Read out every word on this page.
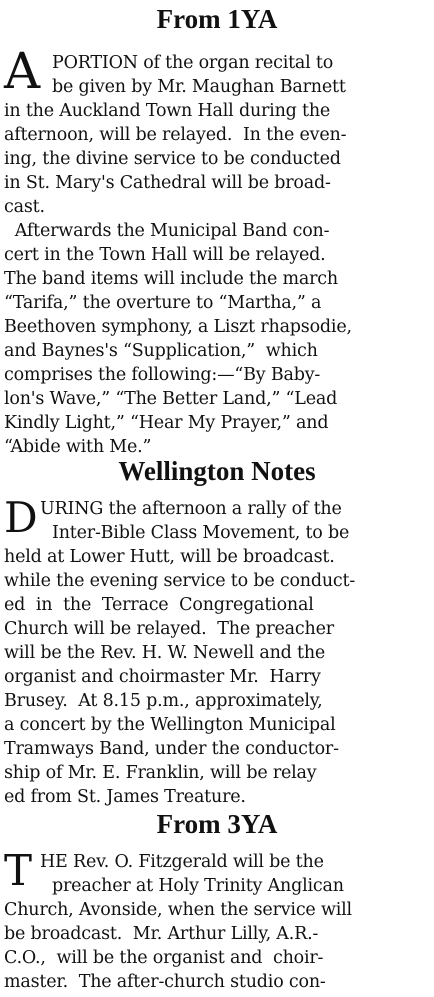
From 1YA
A PORTION of the organ recital to
be given by Mr. Maughan Barnett
in the Auckland Town Hall during the
afternoon, will be relayed.  In the even-
ing, the divine service to be conducted
in St. Mary's Cathedral will be broad-
cast.
Afterwards the Municipal Band con-
cert in the Town Hall will be relayed.
The band items will include the march
“Tarifa,” the overture to “Martha,” a
Beethoven symphony, a Liszt rhapsodie,
and Baynes's “Supplication,”  which
comprises the following:—“By Baby-
lon's Wave,” “The Better Land,” “Lead
Kindly Light,” “Hear My Prayer,” and
“Abide with Me.”
Wellington Notes
D URING the afternoon a rally of the
Inter-Bible Class Movement, to be
held at Lower Hutt, will be broadcast.
while the evening service to be conduct-
ed  in  the  Terrace  Congregational
Church will be relayed.  The preacher
will be the Rev. H. W. Newell and the
organist and choirmaster Mr.  Harry
Brusey.  At 8.15 p.m., approximately,
a concert by the Wellington Municipal
Tramways Band, under the conductor-
ship of Mr. E. Franklin, will be relay
ed from St. James Treature.
From 3YA
T HE Rev. O. Fitzgerald will be the
preacher at Holy Trinity Anglican
Church, Avonside, when the service will
be broadcast.  Mr. Arthur Lilly, A.R.-
C.O.,  will be the organist and  choir-
master.  The after-church studio con-
